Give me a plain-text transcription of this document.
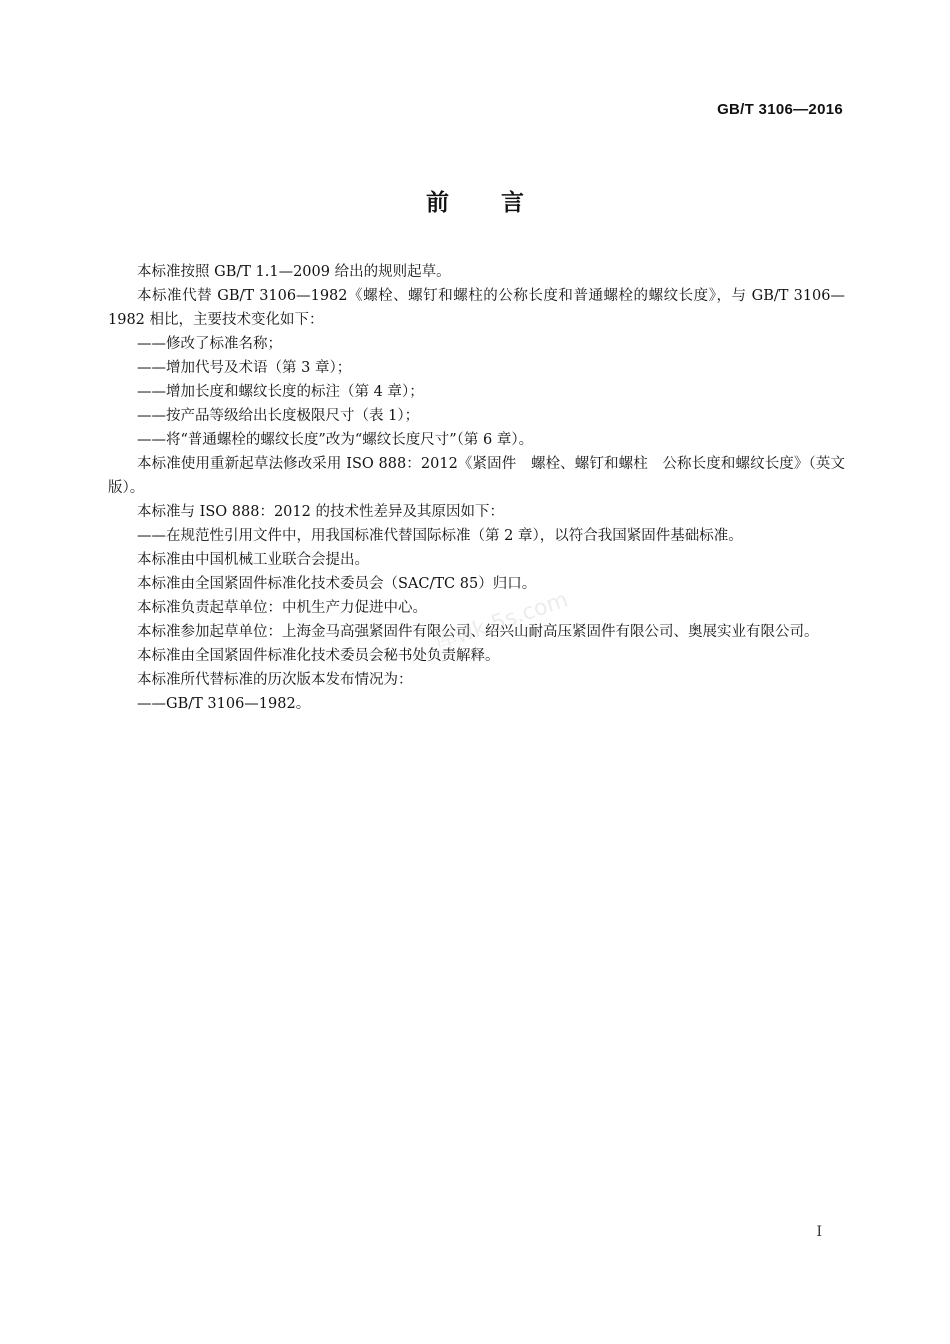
GB/T 3106—2016
前 言

本标准按照 GB/T 1.1—2009 给出的规则起草。

本标准代替 GB/T 3106—1982《螺栓、螺钉和螺柱的公称长度和普通螺栓的螺纹长度》，与 GB/T 3106—1982 相比，主要技术变化如下：

——修改了标准名称；

——增加代号及术语（第 3 章）；

——增加长度和螺纹长度的标注（第 4 章）；

——按产品等级给出长度极限尺寸（表 1）；

——将“普通螺栓的螺纹长度”改为“螺纹长度尺寸”（第 6 章）。

本标准使用重新起草法修改采用 ISO 888：2012《紧固件　螺栓、螺钉和螺柱　公称长度和螺纹长度》（英文版）。

本标准与 ISO 888：2012 的技术性差异及其原因如下：

——在规范性引用文件中，用我国标准代替国际标准（第 2 章），以符合我国紧固件基础标准。

本标准由中国机械工业联合会提出。

本标准由全国紧固件标准化技术委员会（SAC/TC 85）归口。

本标准负责起草单位：中机生产力促进中心。

本标准参加起草单位：上海金马高强紧固件有限公司、绍兴山耐高压紧固件有限公司、奥展实业有限公司。

本标准由全国紧固件标准化技术委员会秘书处负责解释。

本标准所代替标准的历次版本发布情况为：

——GB/T 3106—1982。

库wk.5s.com
I
